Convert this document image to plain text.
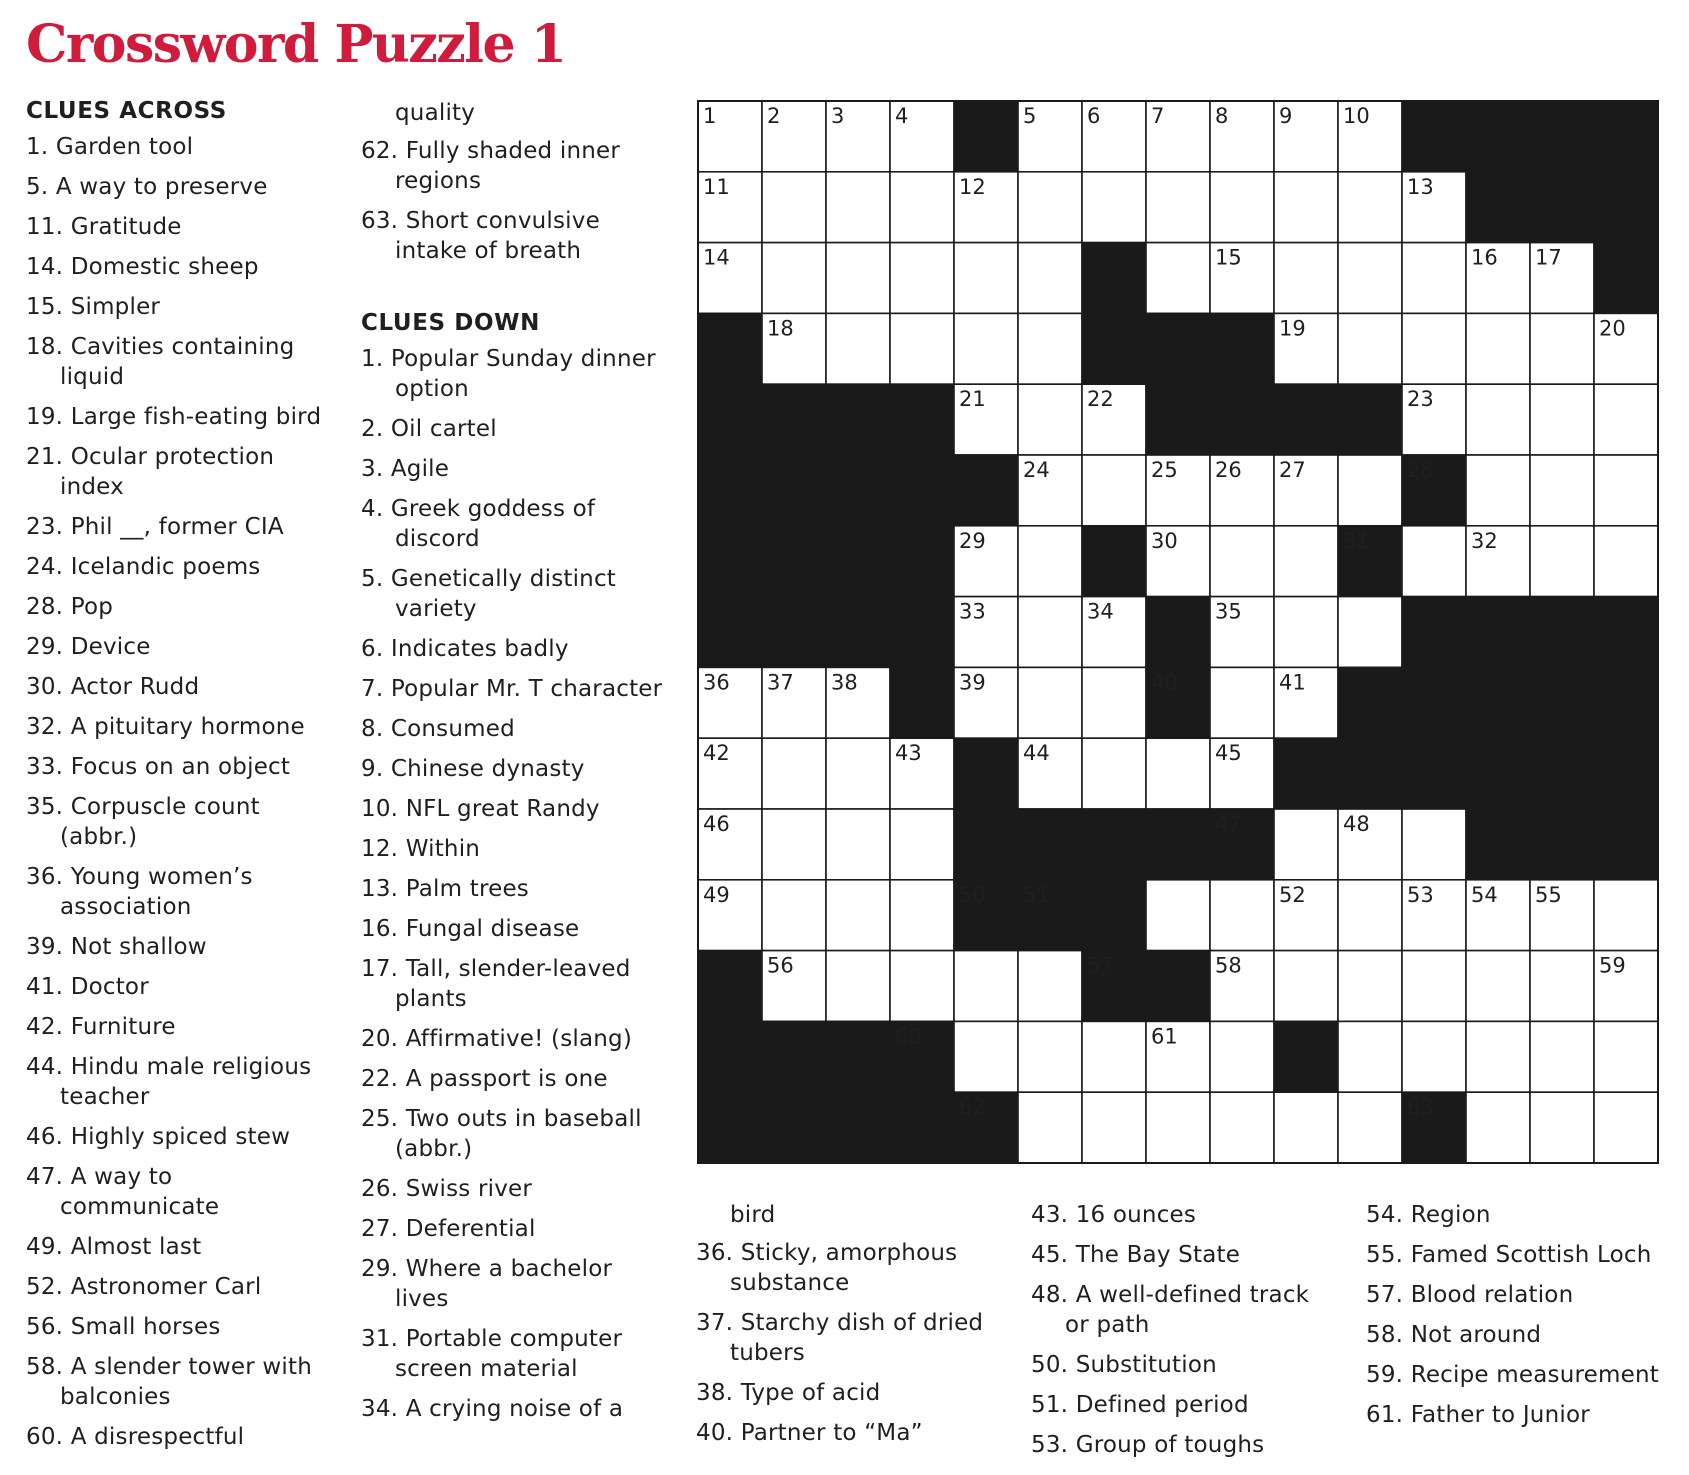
Crossword Puzzle 1
CLUES ACROSS
1. Garden tool
5. A way to preserve
11. Gratitude
14. Domestic sheep
15. Simpler
18. Cavities containing
liquid
19. Large fish-eating bird
21. Ocular protection
index
23. Phil __, former CIA
24. Icelandic poems
28. Pop
29. Device
30. Actor Rudd
32. A pituitary hormone
33. Focus on an object
35. Corpuscle count
(abbr.)
36. Young women’s
association
39. Not shallow
41. Doctor
42. Furniture
44. Hindu male religious
teacher
46. Highly spiced stew
47. A way to
communicate
49. Almost last
52. Astronomer Carl
56. Small horses
58. A slender tower with
balconies
60. A disrespectful
quality
62. Fully shaded inner
regions
63. Short convulsive
intake of breath
CLUES DOWN
1. Popular Sunday dinner
option
2. Oil cartel
3. Agile
4. Greek goddess of
discord
5. Genetically distinct
variety
6. Indicates badly
7. Popular Mr. T character
8. Consumed
9. Chinese dynasty
10. NFL great Randy
12. Within
13. Palm trees
16. Fungal disease
17. Tall, slender-leaved
plants
20. Affirmative! (slang)
22. A passport is one
25. Two outs in baseball
(abbr.)
26. Swiss river
27. Deferential
29. Where a bachelor
lives
31. Portable computer
screen material
34. A crying noise of a
bird
36. Sticky, amorphous
substance
37. Starchy dish of dried
tubers
38. Type of acid
40. Partner to “Ma”
43. 16 ounces
45. The Bay State
48. A well-defined track
or path
50. Substitution
51. Defined period
53. Group of toughs
54. Region
55. Famed Scottish Loch
57. Blood relation
58. Not around
59. Recipe measurement
61. Father to Junior
1 2 3 4	5 6 7 8 9 10
11	12	13
14	15	16 17
18	19	20
21	22	23
24	25 26 27	28
29	30	31	32
33	34	35
36 37 38	39	40	41
42	43	44	45
46	47	48
49	50 51	52	53 54 55
56	57	58	59
60	61
62	63
